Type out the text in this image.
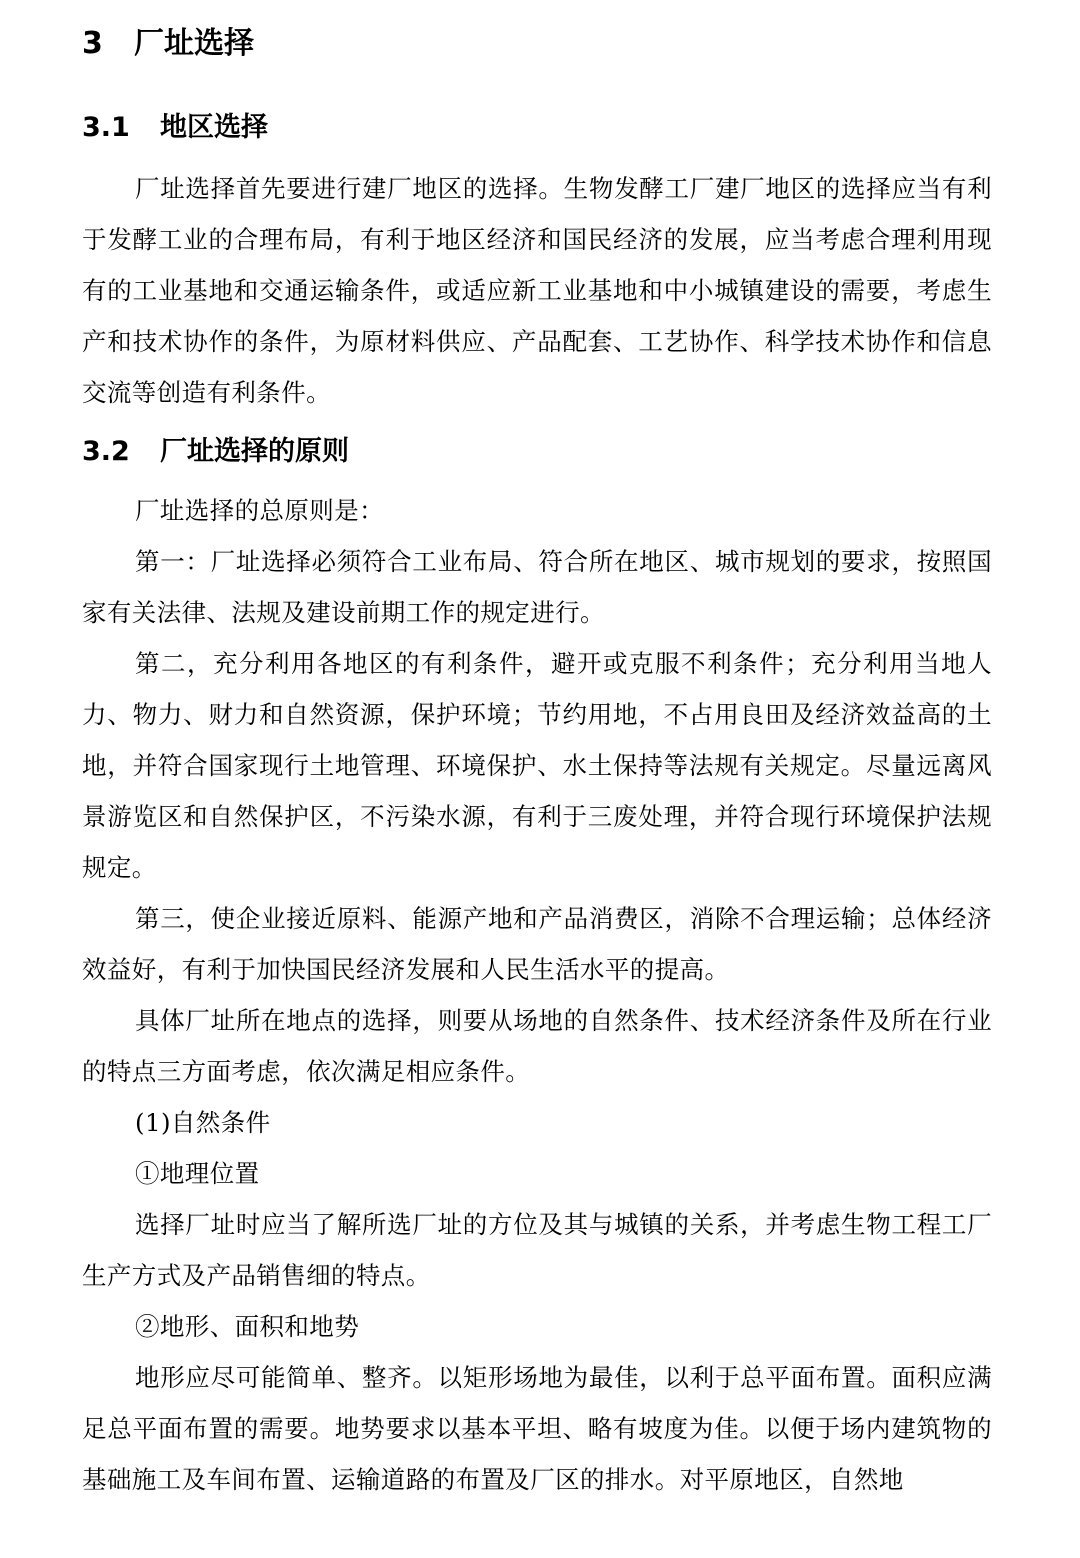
3 厂址选择
3.1 地区选择

厂址选择首先要进行建厂地区的选择。生物发酵工厂建厂地区的选择应当有利于发酵工业的合理布局，有利于地区经济和国民经济的发展，应当考虑合理利用现有的工业基地和交通运输条件，或适应新工业基地和中小城镇建设的需要，考虑生产和技术协作的条件，为原材料供应、产品配套、工艺协作、科学技术协作和信息交流等创造有利条件。

3.2 厂址选择的原则

厂址选择的总原则是：

第一：厂址选择必须符合工业布局、符合所在地区、城市规划的要求，按照国家有关法律、法规及建设前期工作的规定进行。

第二，充分利用各地区的有利条件，避开或克服不利条件；充分利用当地人力、物力、财力和自然资源，保护环境；节约用地，不占用良田及经济效益高的土地，并符合国家现行土地管理、环境保护、水土保持等法规有关规定。尽量远离风景游览区和自然保护区，不污染水源，有利于三废处理，并符合现行环境保护法规规定。

第三，使企业接近原料、能源产地和产品消费区，消除不合理运输；总体经济效益好，有利于加快国民经济发展和人民生活水平的提高。

具体厂址所在地点的选择，则要从场地的自然条件、技术经济条件及所在行业的特点三方面考虑，依次满足相应条件。

(1)自然条件

①地理位置

选择厂址时应当了解所选厂址的方位及其与城镇的关系，并考虑生物工程工厂生产方式及产品销售细的特点。

②地形、面积和地势

地形应尽可能简单、整齐。以矩形场地为最佳，以利于总平面布置。面积应满足总平面布置的需要。地势要求以基本平坦、略有坡度为佳。以便于场内建筑物的基础施工及车间布置、运输道路的布置及厂区的排水。对平原地区，自然地
